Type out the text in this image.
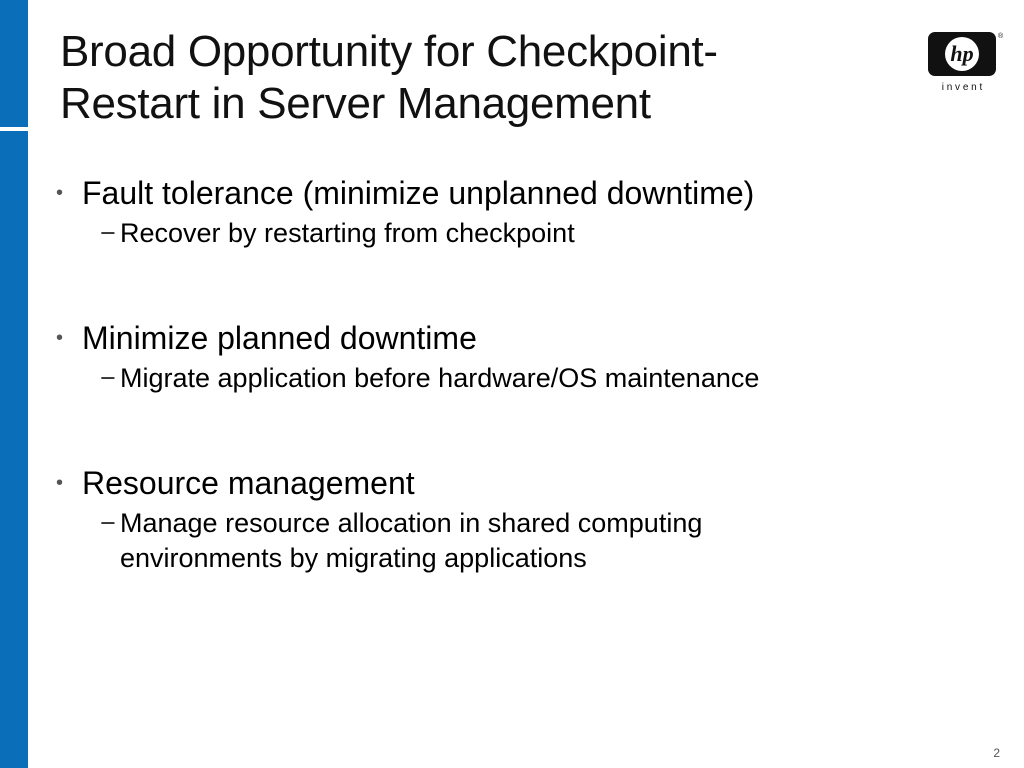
Broad Opportunity for Checkpoint-
Restart in Server Management
hp
®
i n v e n t
• Fault tolerance (minimize unplanned downtime)
− Recover by restarting from checkpoint
• Minimize planned downtime
− Migrate application before hardware/OS maintenance
• Resource management
− Manage resource allocation in shared computing
environments by migrating applications
2
